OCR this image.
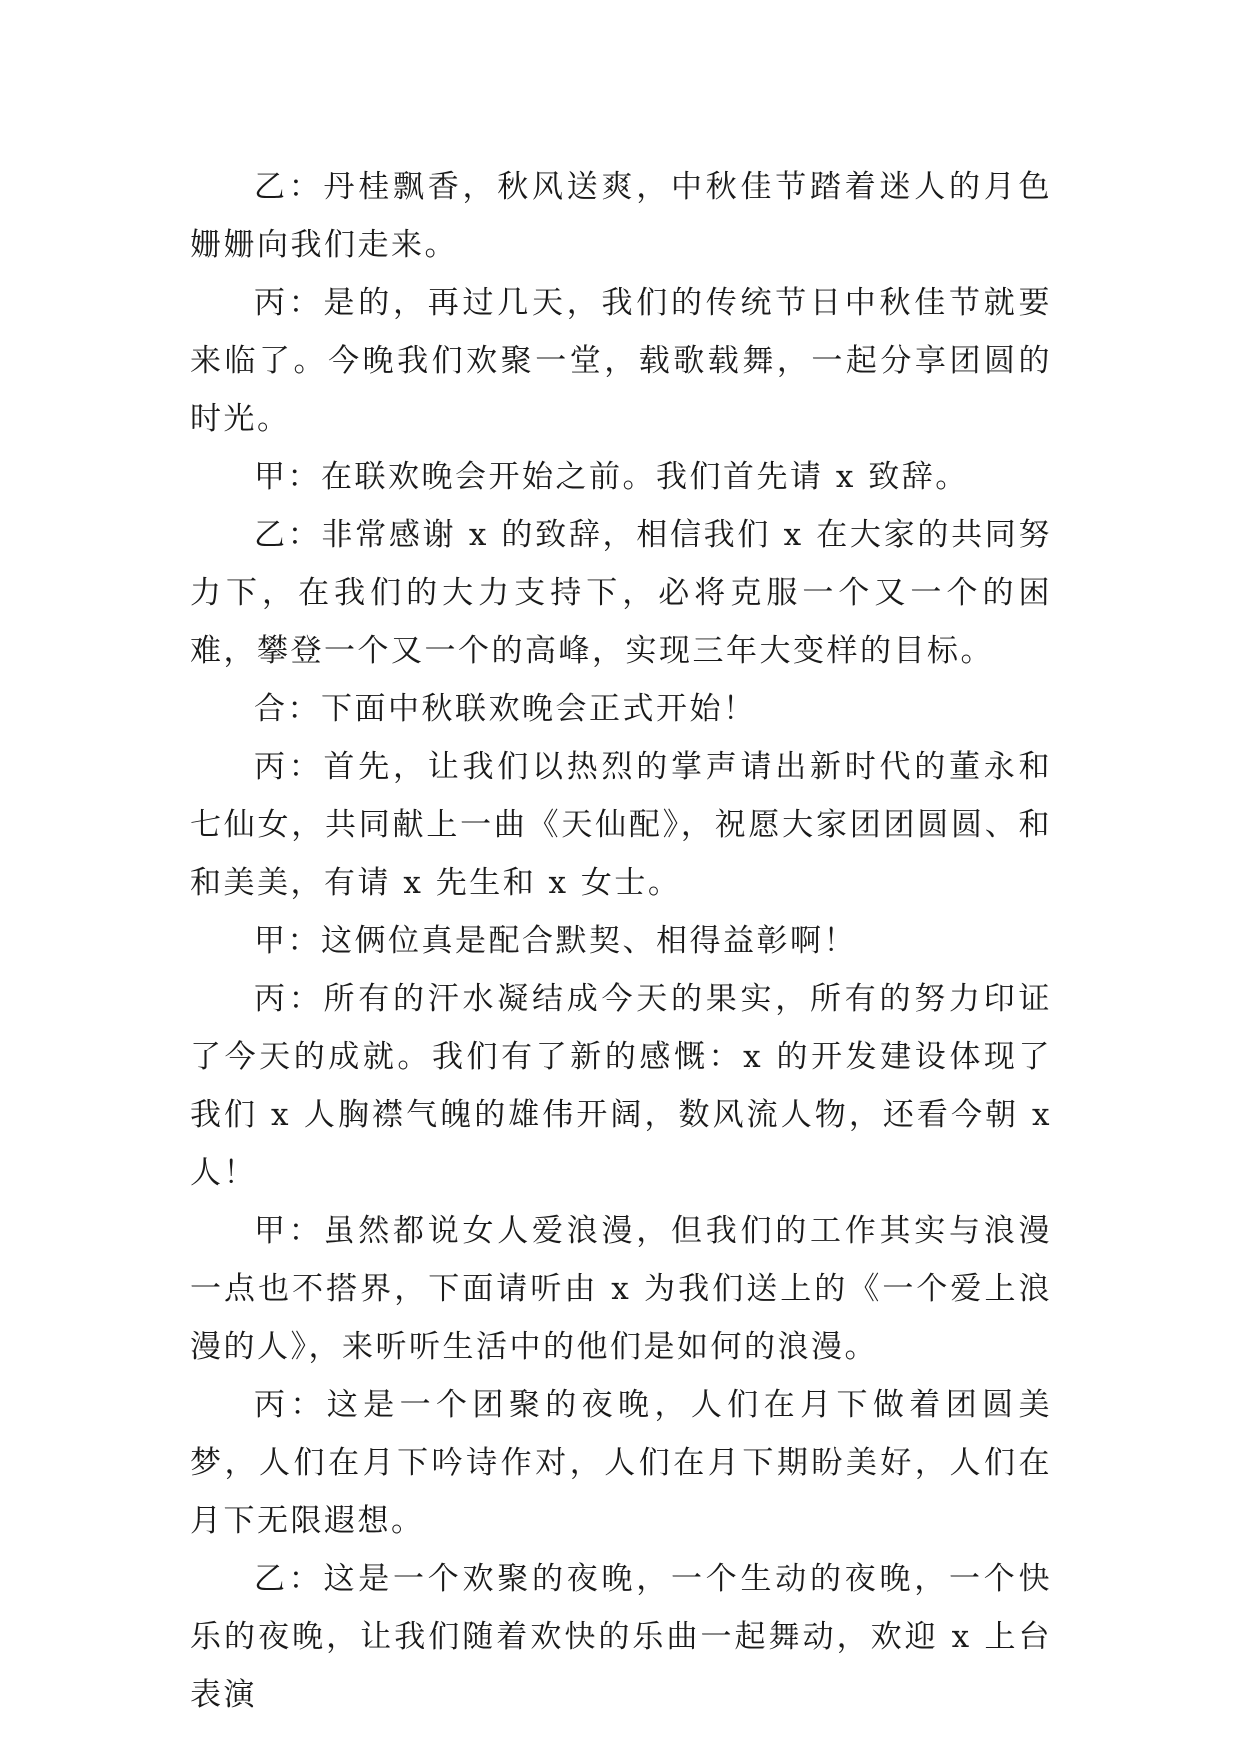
乙：丹桂飘香，秋风送爽，中秋佳节踏着迷人的月色姗姗向我们走来。

丙：是的，再过几天，我们的传统节日中秋佳节就要来临了。今晚我们欢聚一堂，载歌载舞，一起分享团圆的时光。

甲：在联欢晚会开始之前。我们首先请 x 致辞。

乙：非常感谢 x 的致辞，相信我们 x 在大家的共同努力下，在我们的大力支持下，必将克服一个又一个的困难，攀登一个又一个的高峰，实现三年大变样的目标。

合：下面中秋联欢晚会正式开始！

丙：首先，让我们以热烈的掌声请出新时代的董永和七仙女，共同献上一曲《天仙配》，祝愿大家团团圆圆、和和美美，有请 x 先生和 x 女士。

甲：这俩位真是配合默契、相得益彰啊！

丙：所有的汗水凝结成今天的果实，所有的努力印证了今天的成就。我们有了新的感慨：x 的开发建设体现了我们 x 人胸襟气魄的雄伟开阔，数风流人物，还看今朝 x 人！

甲：虽然都说女人爱浪漫，但我们的工作其实与浪漫一点也不搭界，下面请听由 x 为我们送上的《一个爱上浪漫的人》，来听听生活中的他们是如何的浪漫。

丙：这是一个团聚的夜晚，人们在月下做着团圆美梦，人们在月下吟诗作对，人们在月下期盼美好，人们在月下无限遐想。

乙：这是一个欢聚的夜晚，一个生动的夜晚，一个快乐的夜晚，让我们随着欢快的乐曲一起舞动，欢迎 x 上台表演
